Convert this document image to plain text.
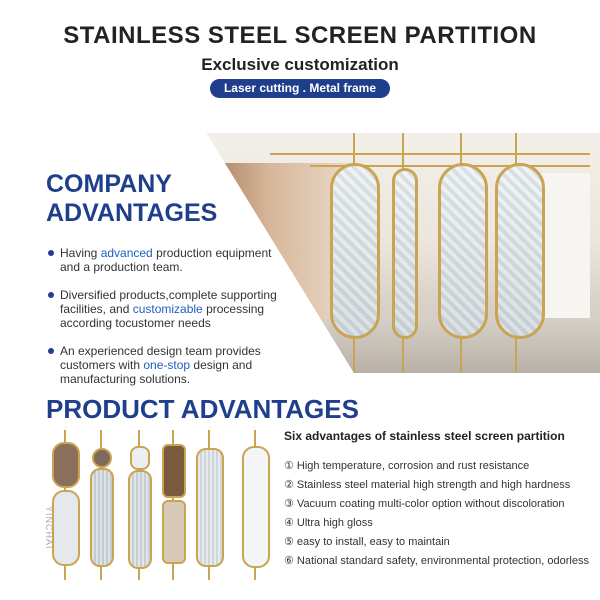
STAINLESS STEEL SCREEN PARTITION
Exclusive customization
Laser cutting . Metal frame
COMPANY
ADVANTAGES
Having advanced production equipment and a production team.
Diversified products,complete supporting facilities, and customizable processing according tocustomer needs
An experienced design team provides customers with one-stop design and manufacturing solutions.
PRODUCT ADVANTAGES
Six advantages of stainless steel screen partition
① High temperature, corrosion and rust resistance
② Stainless steel material high strength and high hardness
③ Vacuum coating multi-color option without discoloration
④ Ultra high gloss
⑤ easy to install, easy to maintain
⑥ National standard safety, environmental protection, odorless
YINCHAI
